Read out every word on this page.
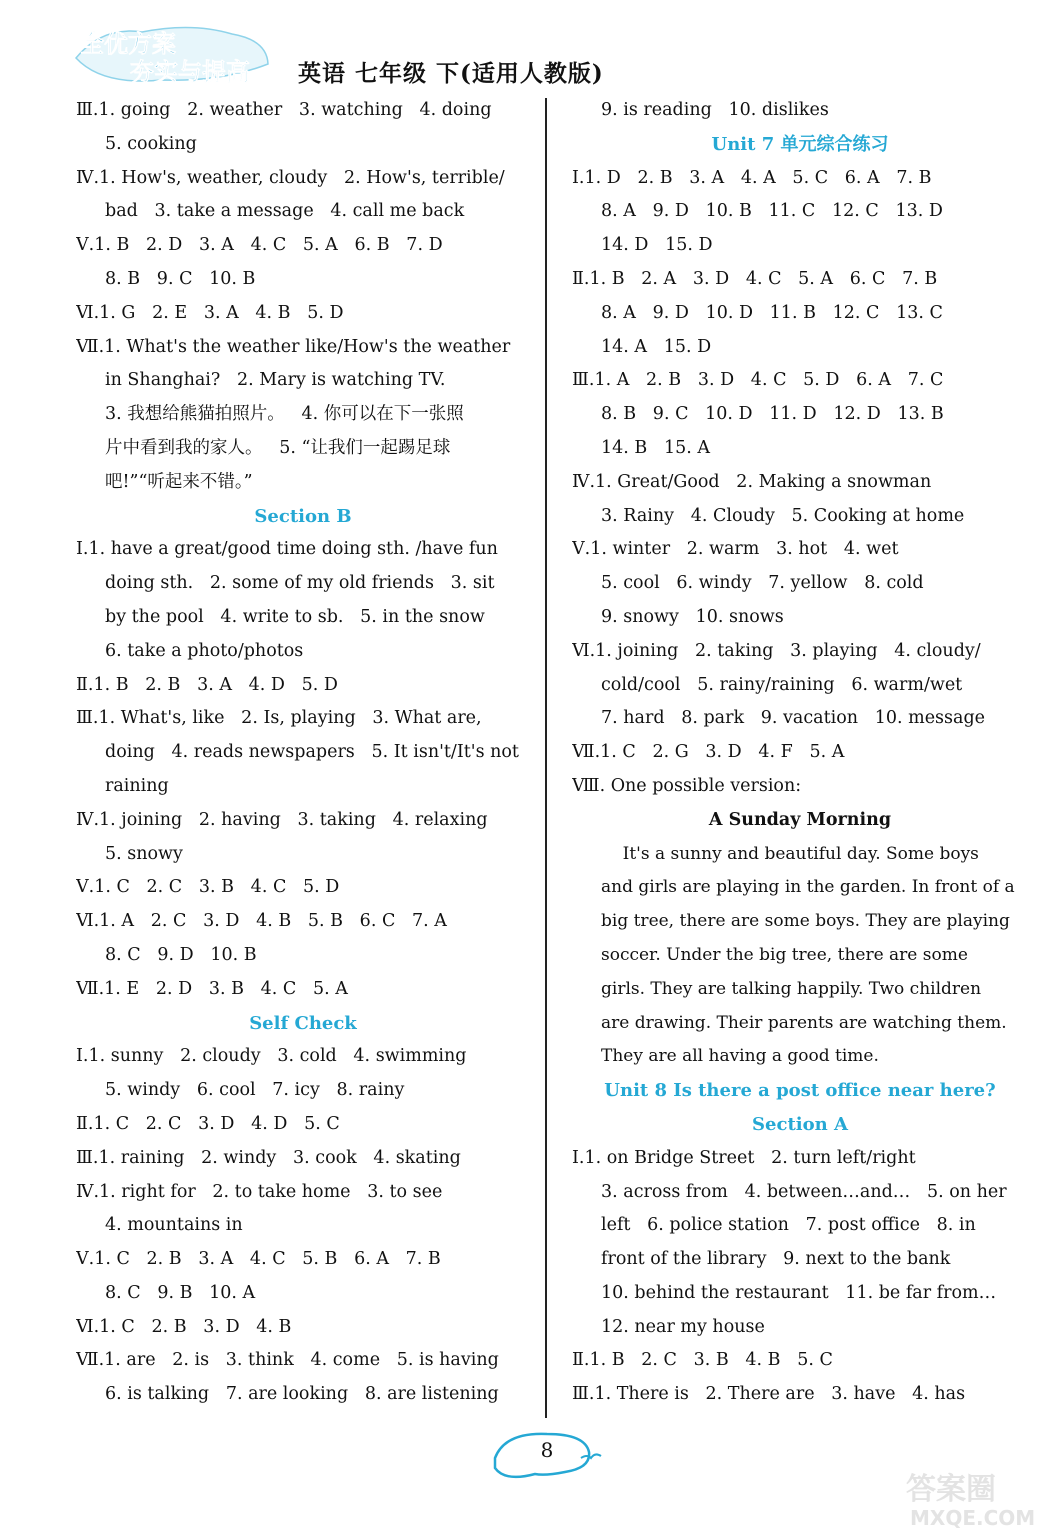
全优方案
夯实与提高 英语 七年级 下(适用人教版)
Ⅲ.1. going   2. weather   3. watching   4. doing
5. cooking
Ⅳ.1. How's, weather, cloudy   2. How's, terrible/
bad   3. take a message   4. call me back
Ⅴ.1. B   2. D   3. A   4. C   5. A   6. B   7. D
8. B   9. C   10. B
Ⅵ.1. G   2. E   3. A   4. B   5. D
Ⅶ.1. What's the weather like/How's the weather
in Shanghai?   2. Mary is watching TV.
3. 我想给熊猫拍照片。   4. 你可以在下一张照
片中看到我的家人。   5. “让我们一起踢足球
吧!”“听起来不错。”
Section B
Ⅰ.1. have a great/good time doing sth. /have fun
doing sth.   2. some of my old friends   3. sit
by the pool   4. write to sb.   5. in the snow
6. take a photo/photos
Ⅱ.1. B   2. B   3. A   4. D   5. D
Ⅲ.1. What's, like   2. Is, playing   3. What are,
doing   4. reads newspapers   5. It isn't/It's not
raining
Ⅳ.1. joining   2. having   3. taking   4. relaxing
5. snowy
Ⅴ.1. C   2. C   3. B   4. C   5. D
Ⅵ.1. A   2. C   3. D   4. B   5. B   6. C   7. A
8. C   9. D   10. B
Ⅶ.1. E   2. D   3. B   4. C   5. A
Self Check
Ⅰ.1. sunny   2. cloudy   3. cold   4. swimming
5. windy   6. cool   7. icy   8. rainy
Ⅱ.1. C   2. C   3. D   4. D   5. C
Ⅲ.1. raining   2. windy   3. cook   4. skating
Ⅳ.1. right for   2. to take home   3. to see
4. mountains in
Ⅴ.1. C   2. B   3. A   4. C   5. B   6. A   7. B
8. C   9. B   10. A
Ⅵ.1. C   2. B   3. D   4. B
Ⅶ.1. are   2. is   3. think   4. come   5. is having
6. is talking   7. are looking   8. are listening
9. is reading   10. dislikes
Unit 7 单元综合练习
Ⅰ.1. D   2. B   3. A   4. A   5. C   6. A   7. B
8. A   9. D   10. B   11. C   12. C   13. D
14. D   15. D
Ⅱ.1. B   2. A   3. D   4. C   5. A   6. C   7. B
8. A   9. D   10. D   11. B   12. C   13. C
14. A   15. D
Ⅲ.1. A   2. B   3. D   4. C   5. D   6. A   7. C
8. B   9. C   10. D   11. D   12. D   13. B
14. B   15. A
Ⅳ.1. Great/Good   2. Making a snowman
3. Rainy   4. Cloudy   5. Cooking at home
Ⅴ.1. winter   2. warm   3. hot   4. wet
5. cool   6. windy   7. yellow   8. cold
9. snowy   10. snows
Ⅵ.1. joining   2. taking   3. playing   4. cloudy/
cold/cool   5. rainy/raining   6. warm/wet
7. hard   8. park   9. vacation   10. message
Ⅶ.1. C   2. G   3. D   4. F   5. A
Ⅷ. One possible version:
A Sunday Morning
It's a sunny and beautiful day. Some boys
and girls are playing in the garden. In front of a
big tree, there are some boys. They are playing
soccer. Under the big tree, there are some
girls. They are talking happily. Two children
are drawing. Their parents are watching them.
They are all having a good time.
Unit 8 Is there a post office near here?
Section A
Ⅰ.1. on Bridge Street   2. turn left/right
3. across from   4. between…and…   5. on her
left   6. police station   7. post office   8. in
front of the library   9. next to the bank
10. behind the restaurant   11. be far from…
12. near my house
Ⅱ.1. B   2. C   3. B   4. B   5. C
Ⅲ.1. There is   2. There are   3. have   4. has
8
答案圈
MXQE.COM
